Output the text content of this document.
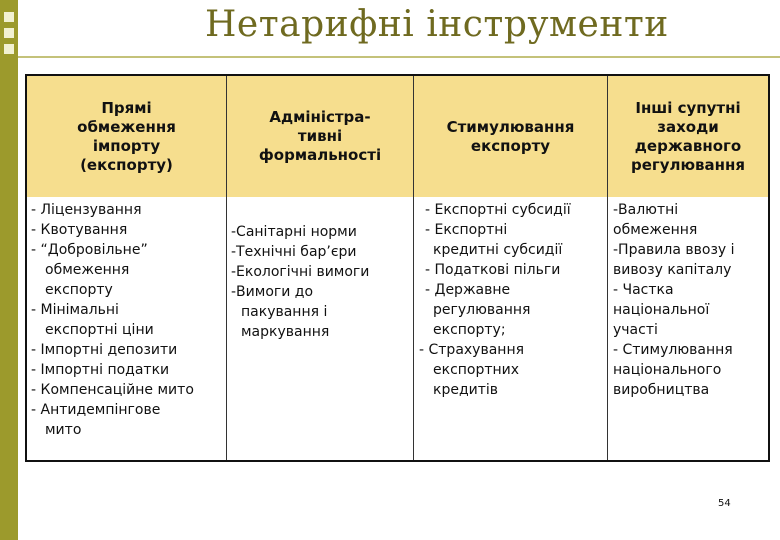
Нетарифні інструменти
Прямі
обмеження
імпорту
(експорту)
Адміністра-
тивні
формальності
Стимулювання
експорту
Інші супутні
заходи
державного
регулювання
- Ліцензування
- Квотування
- “Добровільне”
обмеження
експорту
- Мінімальні
експортні ціни
- Імпортні депозити
- Імпортні податки
- Компенсаційне мито
- Антидемпінгове
мито
-Санітарні норми
-Технічні бар’єри
-Екологічні вимоги
-Вимоги до
пакування і
маркування
- Експортні субсидії
- Експортні
кредитні субсидії
- Податкові пільги
- Державне
регулювання
експорту;
- Страхування
експортних
кредитів
-Валютні
обмеження
-Правила ввозу і
вивозу капіталу
- Частка
національної
участі
- Стимулювання
національного
виробництва
54
